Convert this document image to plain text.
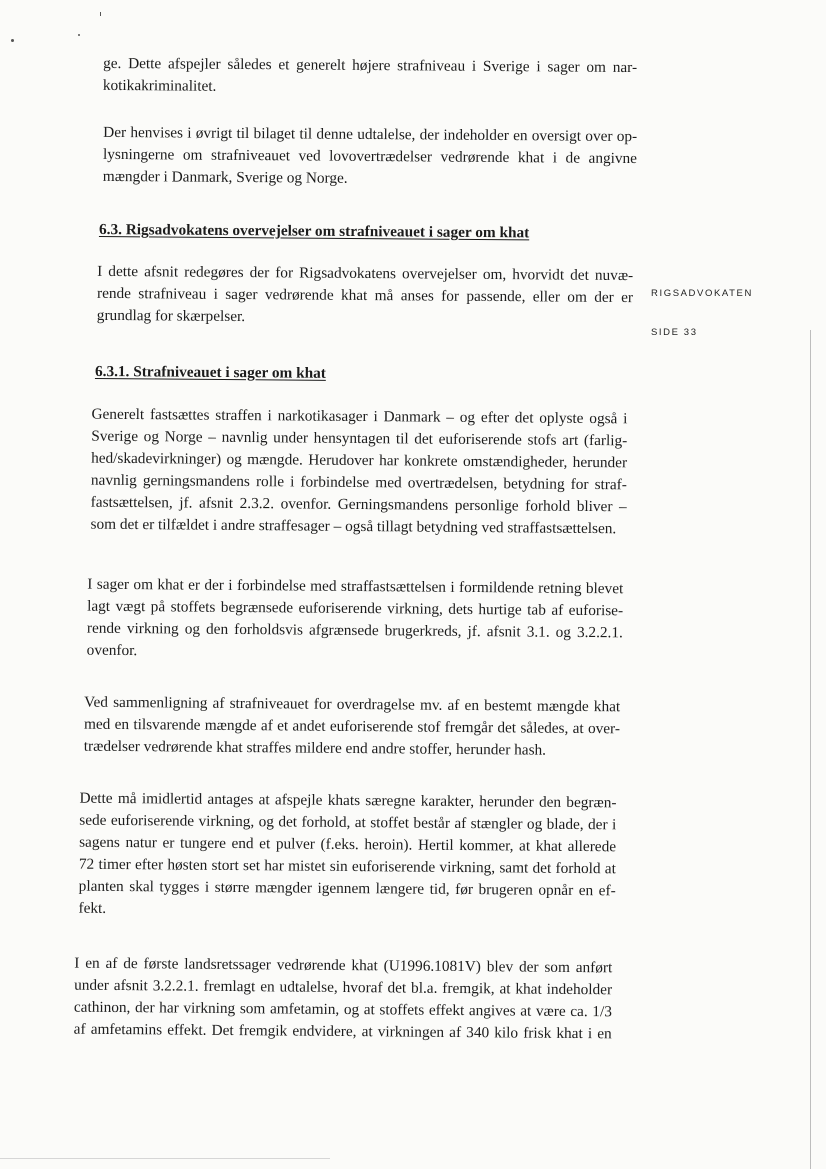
RIGSADVOKATEN
SIDE 33
ge. Dette afspejler således et generelt højere strafniveau i Sverige i sager om nar-
kotikakriminalitet.
Der henvises i øvrigt til bilaget til denne udtalelse, der indeholder en oversigt over op-
lysningerne om strafniveauet ved lovovertrædelser vedrørende khat i de angivne
mængder i Danmark, Sverige og Norge.
6.3. Rigsadvokatens overvejelser om strafniveauet i sager om khat
I dette afsnit redegøres der for Rigsadvokatens overvejelser om, hvorvidt det nuvæ-
rende strafniveau i sager vedrørende khat må anses for passende, eller om der er
grundlag for skærpelser.
6.3.1. Strafniveauet i sager om khat
Generelt fastsættes straffen i narkotikasager i Danmark – og efter det oplyste også i
Sverige og Norge – navnlig under hensyntagen til det euforiserende stofs art (farlig-
hed/skadevirkninger) og mængde. Herudover har konkrete omstændigheder, herunder
navnlig gerningsmandens rolle i forbindelse med overtrædelsen, betydning for straf-
fastsættelsen, jf. afsnit 2.3.2. ovenfor. Gerningsmandens personlige forhold bliver –
som det er tilfældet i andre straffesager – også tillagt betydning ved straffastsættelsen.
I sager om khat er der i forbindelse med straffastsættelsen i formildende retning blevet
lagt vægt på stoffets begrænsede euforiserende virkning, dets hurtige tab af euforise-
rende virkning og den forholdsvis afgrænsede brugerkreds, jf. afsnit 3.1. og 3.2.2.1.
ovenfor.
Ved sammenligning af strafniveauet for overdragelse mv. af en bestemt mængde khat
med en tilsvarende mængde af et andet euforiserende stof fremgår det således, at over-
trædelser vedrørende khat straffes mildere end andre stoffer, herunder hash.
Dette må imidlertid antages at afspejle khats særegne karakter, herunder den begræn-
sede euforiserende virkning, og det forhold, at stoffet består af stængler og blade, der i
sagens natur er tungere end et pulver (f.eks. heroin). Hertil kommer, at khat allerede
72 timer efter høsten stort set har mistet sin euforiserende virkning, samt det forhold at
planten skal tygges i større mængder igennem længere tid, før brugeren opnår en ef-
fekt.
I en af de første landsretssager vedrørende khat (U1996.1081V) blev der som anført
under afsnit 3.2.2.1. fremlagt en udtalelse, hvoraf det bl.a. fremgik, at khat indeholder
cathinon, der har virkning som amfetamin, og at stoffets effekt angives at være ca. 1/3
af amfetamins effekt. Det fremgik endvidere, at virkningen af 340 kilo frisk khat i en
